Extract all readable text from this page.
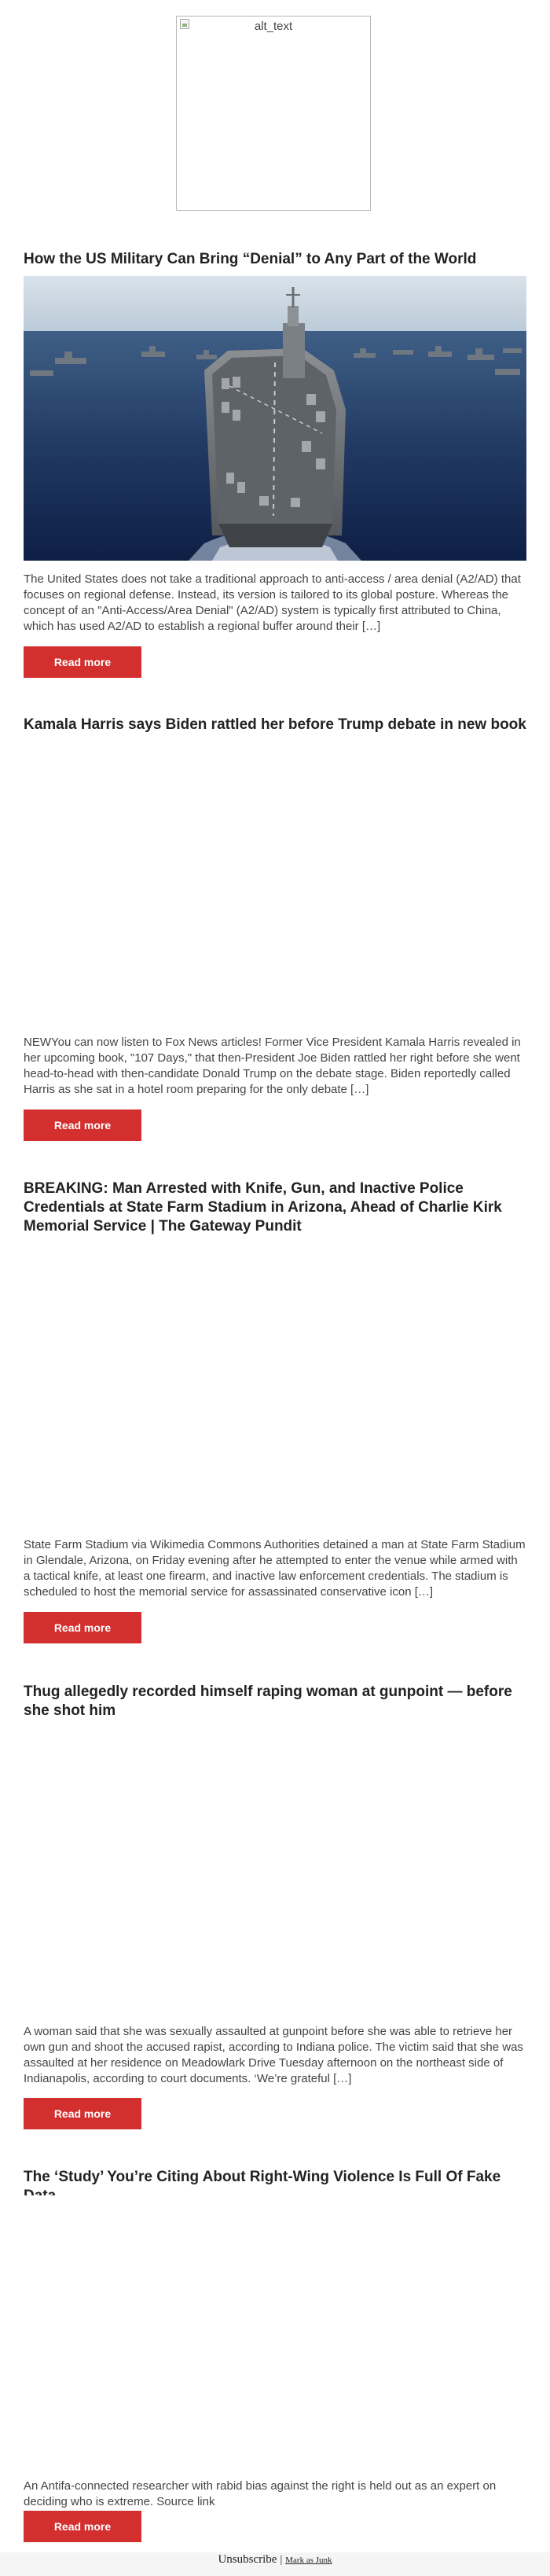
alt_text
How the US Military Can Bring “Denial” to Any Part of the World
The United States does not take a traditional approach to anti-access / area denial (A2/AD) that focuses on regional defense. Instead, its version is tailored to its global posture. Whereas the concept of an "Anti-Access/Area Denial" (A2/AD) system is typically first attributed to China, which has used A2/AD to establish a regional buffer around their […]
Read more
Kamala Harris says Biden rattled her before Trump debate in new book
NEWYou can now listen to Fox News articles! Former Vice President Kamala Harris revealed in her upcoming book, "107 Days," that then-President Joe Biden rattled her right before she went head-to-head with then-candidate Donald Trump on the debate stage. Biden reportedly called Harris as she sat in a hotel room preparing for the only debate […]
Read more
BREAKING: Man Arrested with Knife, Gun, and Inactive Police Credentials at State Farm Stadium in Arizona, Ahead of Charlie Kirk Memorial Service | The Gateway Pundit
State Farm Stadium via Wikimedia Commons Authorities detained a man at State Farm Stadium in Glendale, Arizona, on Friday evening after he attempted to enter the venue while armed with a tactical knife, at least one firearm, and inactive law enforcement credentials. The stadium is scheduled to host the memorial service for assassinated conservative icon […]
Read more
Thug allegedly recorded himself raping woman at gunpoint — before she shot him
A woman said that she was sexually assaulted at gunpoint before she was able to retrieve her own gun and shoot the accused rapist, according to Indiana police. The victim said that she was assaulted at her residence on Meadowlark Drive Tuesday afternoon on the northeast side of Indianapolis, according to court documents. ‘We’re grateful […]
Read more
The ‘Study’ You’re Citing About Right-Wing Violence Is Full Of Fake
An Antifa-connected researcher with rabid bias against the right is held out as an expert on deciding who is extreme. Source link
Read more
Unsubscribe | Mark as Junk
